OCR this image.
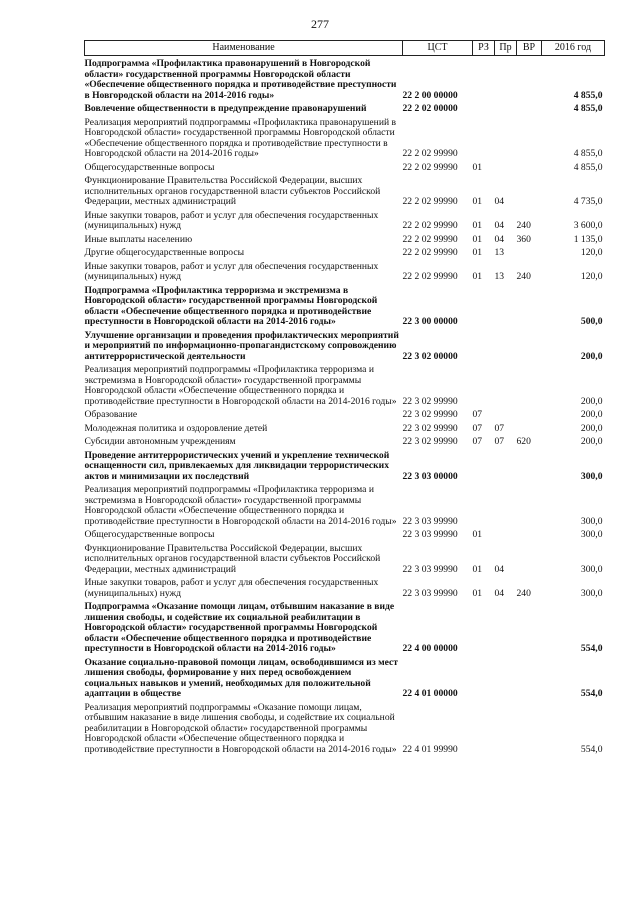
277
Наименование	ЦСТ	РЗ	Пр	ВР	2016 год
Подпрограмма «Профилактика правонарушений в Новгородской области» государственной программы Новгородской области «Обеспечение общественного порядка и противодействие преступности в Новгородской области на 2014-2016 годы»	22 2 00 00000				4 855,0
Вовлечение общественности в предупреждение правонарушений	22 2 02 00000				4 855,0
Реализация мероприятий подпрограммы «Профилактика правонарушений в Новгородской области» государственной программы Новгородской области «Обеспечение общественного порядка и противодействие преступности в Новгородской области на 2014-2016 годы»	22 2 02 99990				4 855,0
Общегосударственные вопросы	22 2 02 99990	01			4 855,0
Функционирование Правительства Российской Федерации, высших исполнительных органов государственной власти субъектов Российской Федерации, местных администраций	22 2 02 99990	01	04		4 735,0
Иные закупки товаров, работ и услуг для обеспечения государственных (муниципальных) нужд	22 2 02 99990	01	04	240	3 600,0
Иные выплаты населению	22 2 02 99990	01	04	360	1 135,0
Другие общегосударственные вопросы	22 2 02 99990	01	13		120,0
Иные закупки товаров, работ и услуг для обеспечения государственных (муниципальных) нужд	22 2 02 99990	01	13	240	120,0
Подпрограмма «Профилактика терроризма и экстремизма в Новгородской области» государственной программы Новгородской области «Обеспечение общественного порядка и противодействие преступности в Новгородской области на 2014-2016 годы»	22 3 00 00000				500,0
Улучшение организации и проведения профилактических мероприятий и мероприятий по информационно-пропагандистскому сопровождению антитеррористической деятельности	22 3 02 00000				200,0
Реализация мероприятий подпрограммы «Профилактика терроризма и экстремизма в Новгородской области» государственной программы Новгородской области «Обеспечение общественного порядка и противодействие преступности в Новгородской области на 2014-2016 годы»	22 3 02 99990				200,0
Образование	22 3 02 99990	07			200,0
Молодежная политика и оздоровление детей	22 3 02 99990	07	07		200,0
Субсидии автономным учреждениям	22 3 02 99990	07	07	620	200,0
Проведение антитеррористических учений и укрепление технической оснащенности сил, привлекаемых для ликвидации террористических актов и минимизации их последствий	22 3 03 00000				300,0
Реализация мероприятий подпрограммы «Профилактика терроризма и экстремизма в Новгородской области» государственной программы Новгородской области «Обеспечение общественного порядка и противодействие преступности в Новгородской области на 2014-2016 годы»	22 3 03 99990				300,0
Общегосударственные вопросы	22 3 03 99990	01			300,0
Функционирование Правительства Российской Федерации, высших исполнительных органов государственной власти субъектов Российской Федерации, местных администраций	22 3 03 99990	01	04		300,0
Иные закупки товаров, работ и услуг для обеспечения государственных (муниципальных) нужд	22 3 03 99990	01	04	240	300,0
Подпрограмма «Оказание помощи лицам, отбывшим наказание в виде лишения свободы, и содействие их социальной реабилитации в Новгородской области» государственной программы Новгородской области «Обеспечение общественного порядка и противодействие преступности в Новгородской области на 2014-2016 годы»	22 4 00 00000				554,0
Оказание социально-правовой помощи лицам, освободившимся из мест лишения свободы, формирование у них перед освобождением социальных навыков и умений, необходимых для положительной адаптации в обществе	22 4 01 00000				554,0
Реализация мероприятий подпрограммы «Оказание помощи лицам, отбывшим наказание в виде лишения свободы, и содействие их социальной реабилитации в Новгородской области» государственной программы Новгородской области «Обеспечение общественного порядка и противодействие преступности в Новгородской области на 2014-2016 годы»	22 4 01 99990				554,0
